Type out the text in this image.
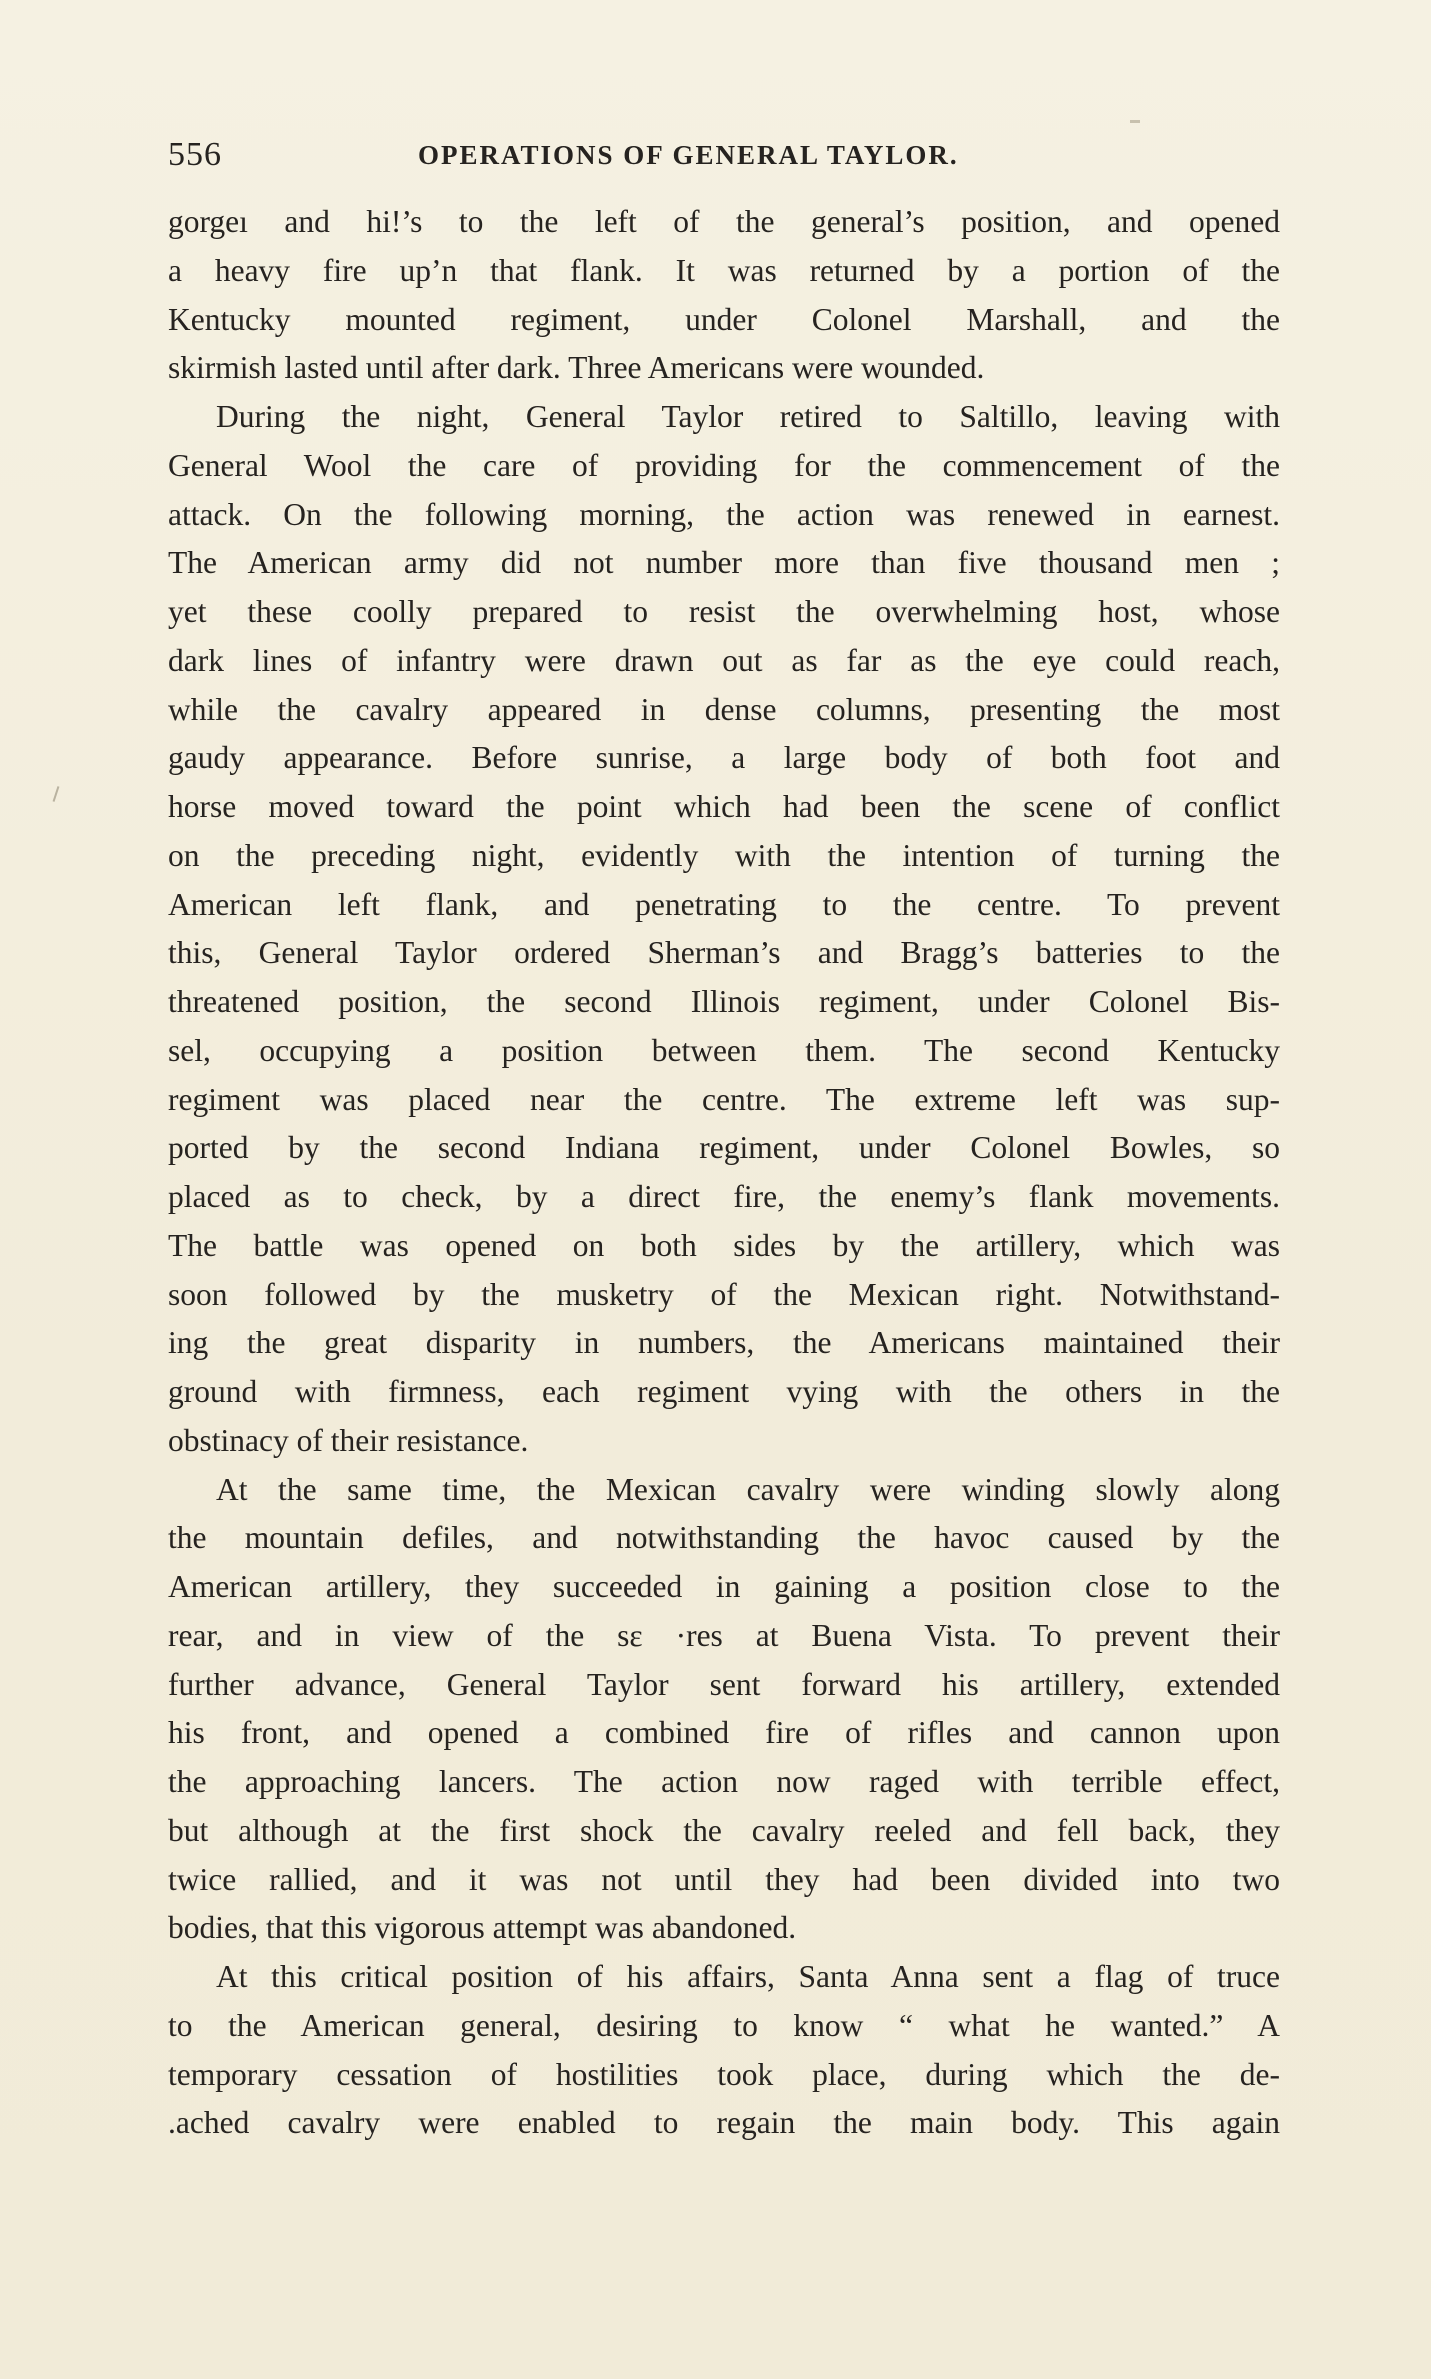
556	OPERATIONS OF GENERAL TAYLOR.
gorgeı and hi!’s to the left of the general’s position, and opened
a heavy fire up’n that flank. It was returned by a portion of the
Kentucky mounted regiment, under Colonel Marshall, and the
skirmish lasted until after dark. Three Americans were wounded.
During the night, General Taylor retired to Saltillo, leaving with
General Wool the care of providing for the commencement of the
attack. On the following morning, the action was renewed in earnest.
The American army did not number more than five thousand men ;
yet these coolly prepared to resist the overwhelming host, whose
dark lines of infantry were drawn out as far as the eye could reach,
while the cavalry appeared in dense columns, presenting the most
gaudy appearance. Before sunrise, a large body of both foot and
horse moved toward the point which had been the scene of conflict
on the preceding night, evidently with the intention of turning the
American left flank, and penetrating to the centre. To prevent
this, General Taylor ordered Sherman’s and Bragg’s batteries to the
threatened position, the second Illinois regiment, under Colonel Bis-
sel, occupying a position between them. The second Kentucky
regiment was placed near the centre. The extreme left was sup-
ported by the second Indiana regiment, under Colonel Bowles, so
placed as to check, by a direct fire, the enemy’s flank movements.
The battle was opened on both sides by the artillery, which was
soon followed by the musketry of the Mexican right. Notwithstand-
ing the great disparity in numbers, the Americans maintained their
ground with firmness, each regiment vying with the others in the
obstinacy of their resistance.
At the same time, the Mexican cavalry were winding slowly along
the mountain defiles, and notwithstanding the havoc caused by the
American artillery, they succeeded in gaining a position close to the
rear, and in view of the sε ·res at Buena Vista. To prevent their
further advance, General Taylor sent forward his artillery, extended
his front, and opened a combined fire of rifles and cannon upon
the approaching lancers. The action now raged with terrible effect,
but although at the first shock the cavalry reeled and fell back, they
twice rallied, and it was not until they had been divided into two
bodies, that this vigorous attempt was abandoned.
At this critical position of his affairs, Santa Anna sent a flag of truce
to the American general, desiring to know “ what he wanted.” A
temporary cessation of hostilities took place, during which the de-
.ached cavalry were enabled to regain the main body. This again
